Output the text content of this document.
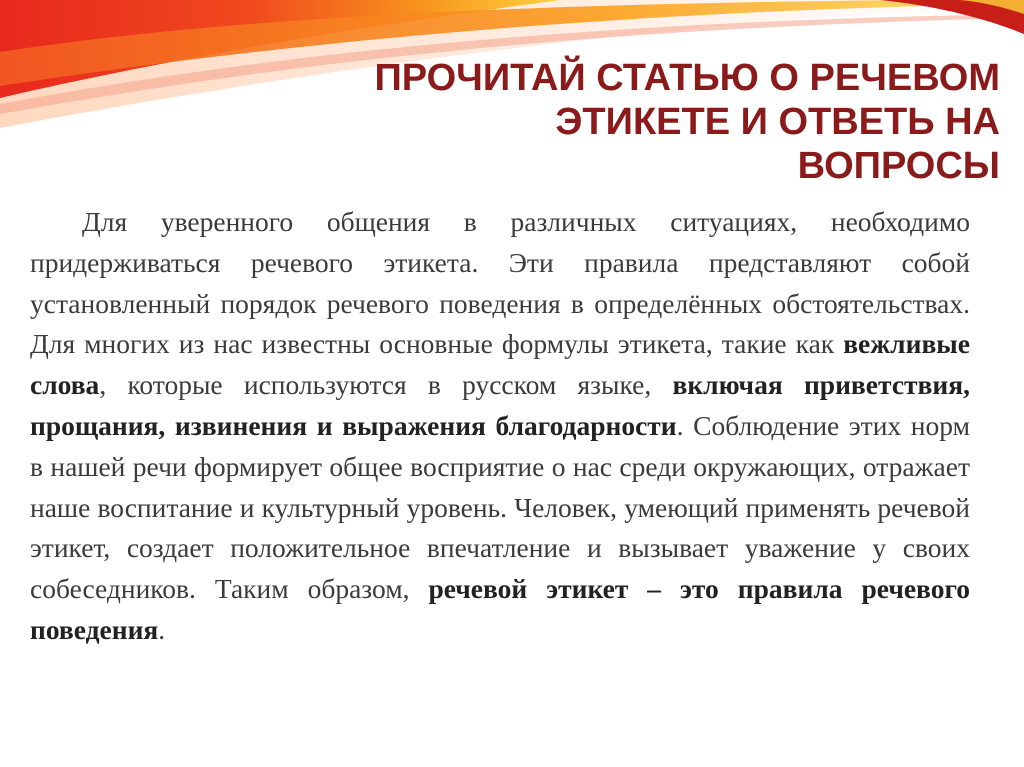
ПРОЧИТАЙ СТАТЬЮ О РЕЧЕВОМ
ЭТИКЕТЕ И ОТВЕТЬ НА
ВОПРОСЫ

Для уверенного общения в различных ситуациях, необходимо придерживаться речевого этикета. Эти правила представляют собой установленный порядок речевого поведения в определённых обстоятельствах. Для многих из нас известны основные формулы этикета, такие как вежливые слова, которые используются в русском языке, включая приветствия, прощания, извинения и выражения благодарности. Соблюдение этих норм в нашей речи формирует общее восприятие о нас среди окружающих, отражает наше воспитание и культурный уровень. Человек, умеющий применять речевой этикет, создает положительное впечатление и вызывает уважение у своих собеседников. Таким образом, речевой этикет – это правила речевого поведения.
